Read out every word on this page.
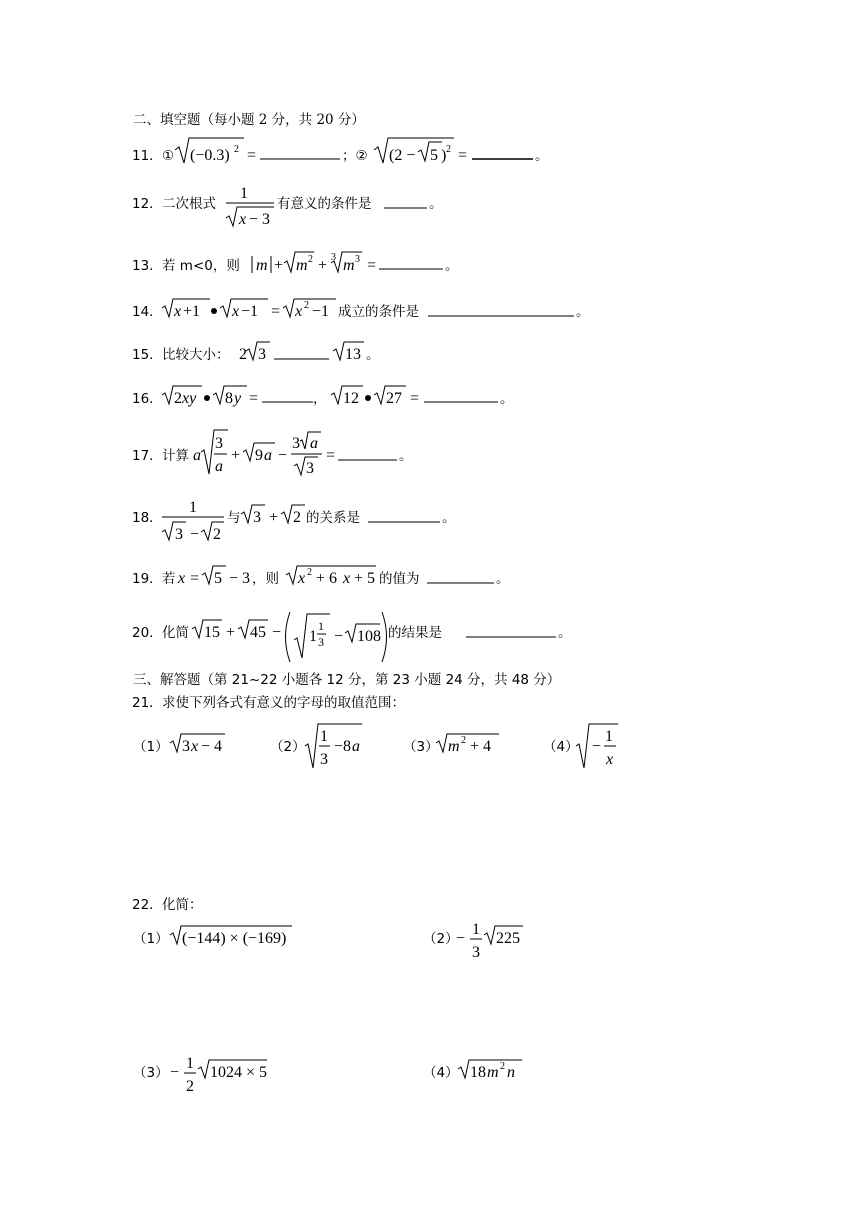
二、填空题（每小题 2 分，共 20 分）
11． ① (−0.3) 2 =	；② (2 − 5 ) 2 =	。
12． 二次根式
1
x − 3
有意义的条件是	。
13． 若 m<0，则 m + m 2 + 3 m 3 =	。
14． x +1 x −1 = x 2 −1 成立的条件是	。
15． 比较大小： 2 3	13 。
16． 2 xy 8 y =	， 12 27 =	。
17． 计算 a
3
a
+ 9 a −
3 a
3
=	。
18．
1
3 − 2
与 3 + 2 的关系是	。
19． 若 x = 5 − 3 ，则 x 2 + 6 x + 5 的值为	。
20． 化简 15 + 45 − 1
1
3 − 108 的结果是	。
21． 求使下列各式有意义的字母的取值范围：
（1） 3 x − 4	（2）
1
3
−8 a	（3） m 2 + 4	（4） −
1
x
三、解答题（第 21~22 小题各 12 分，第 23 小题 24 分，共 48 分）
22． 化简：
（1） (−144) × (−169)	（2）
−
1
3
225
（3） −
1
2
1024 × 5	（4） 18 m 2 n
